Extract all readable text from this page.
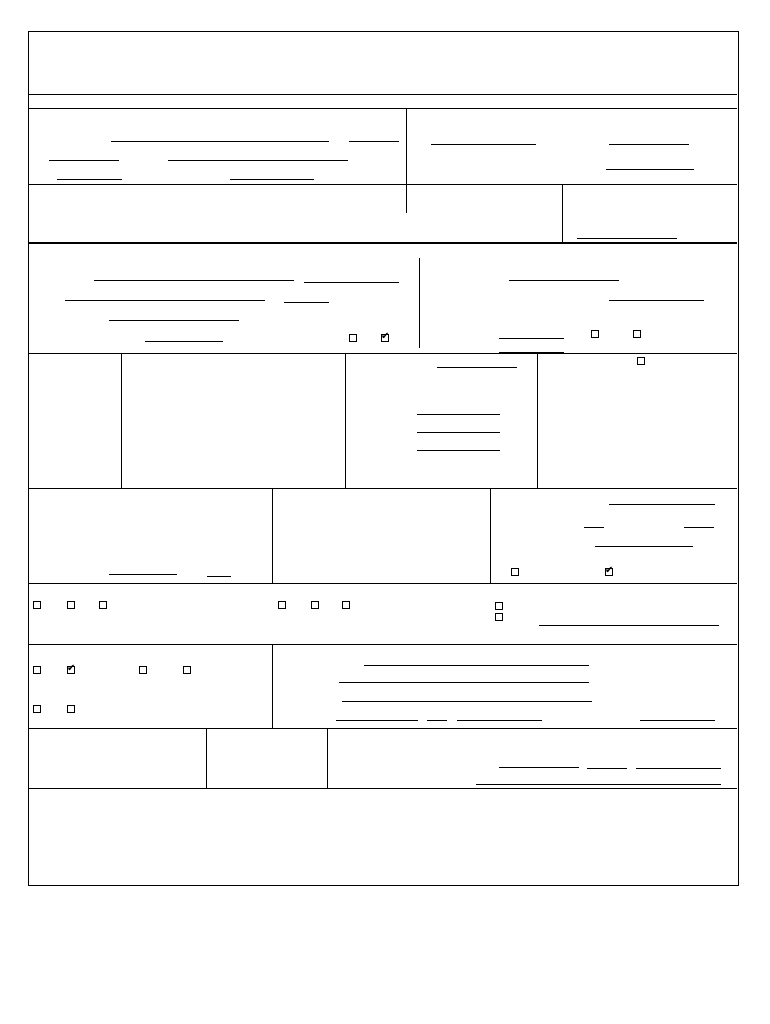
✔
✔
✔
